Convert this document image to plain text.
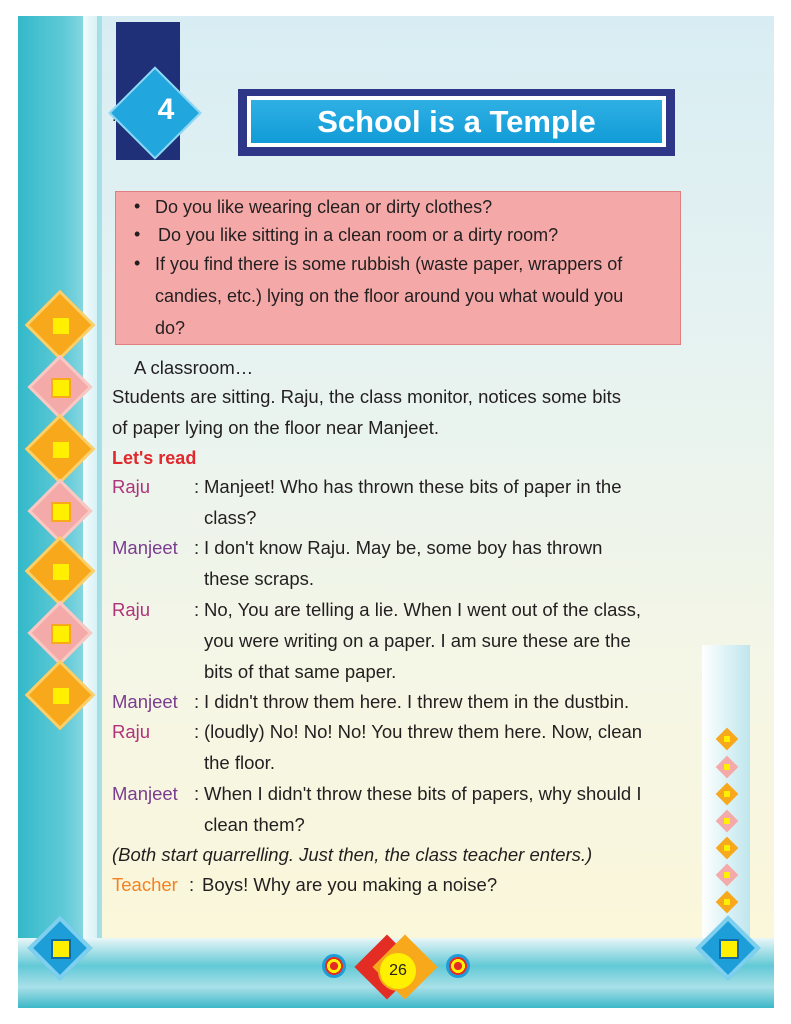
4	School is a Temple
• Do you like wearing clean or dirty clothes?
• Do you like sitting in a clean room or a dirty room?
• If you find there is some rubbish (waste paper, wrappers of
candies, etc.) lying on the floor around you what would you
do?
A classroom…
Students are sitting. Raju, the class monitor, notices some bits
of paper lying on the floor near Manjeet.
Let's read
Raju : Manjeet! Who has thrown these bits of paper in the
class?
Manjeet : I don't know Raju. May be, some boy has thrown
these scraps.
Raju : No, You are telling a lie. When I went out of the class,
you were writing on a paper. I am sure these are the
bits of that same paper.
Manjeet : I didn't throw them here. I threw them in the dustbin.
Raju : (loudly) No! No! No! You threw them here. Now, clean
the floor.
Manjeet : When I didn't throw these bits of papers, why should I
clean them?
(Both start quarrelling. Just then, the class teacher enters.)
Teacher : Boys! Why are you making a noise?
26
